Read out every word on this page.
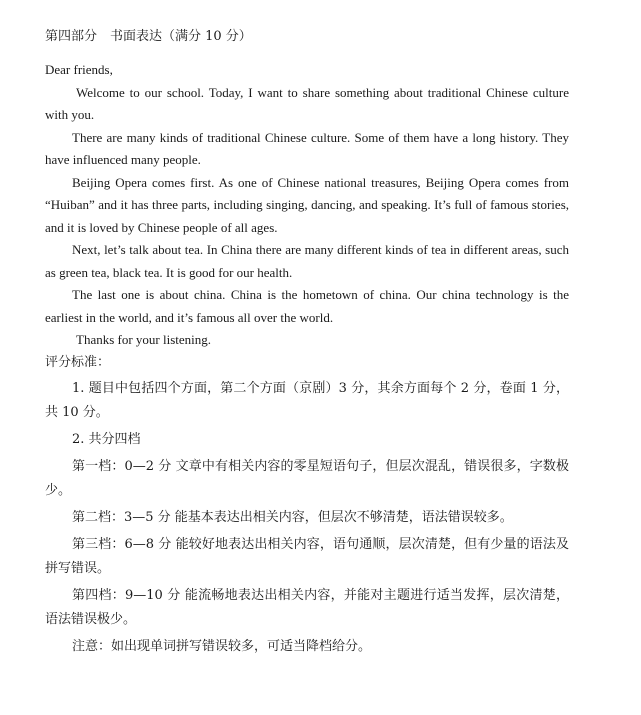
第四部分　书面表达（满分 10 分）

Dear friends,

Welcome to our school. Today, I want to share something about traditional Chinese culture with you.

There are many kinds of traditional Chinese culture. Some of them have a long history. They have influenced many people.

Beijing Opera comes first. As one of Chinese national treasures, Beijing Opera comes from “Huiban” and it has three parts, including singing, dancing, and speaking. It’s full of famous stories, and it is loved by Chinese people of all ages.

Next, let’s talk about tea. In China there are many different kinds of tea in different areas, such as green tea, black tea. It is good for our health.

The last one is about china. China is the hometown of china. Our china technology is the earliest in the world, and it’s famous all over the world.

Thanks for your listening.

评分标准：

1. 题目中包括四个方面，第二个方面（京剧）3 分，其余方面每个 2 分，卷面 1 分，共 10 分。

2. 共分四档

第一档：0—2 分 文章中有相关内容的零星短语句子，但层次混乱，错误很多，字数极少。

第二档：3—5 分 能基本表达出相关内容，但层次不够清楚，语法错误较多。

第三档：6—8 分 能较好地表达出相关内容，语句通顺，层次清楚，但有少量的语法及拼写错误。

第四档：9—10 分 能流畅地表达出相关内容，并能对主题进行适当发挥，层次清楚，语法错误极少。

注意：如出现单词拼写错误较多，可适当降档给分。
